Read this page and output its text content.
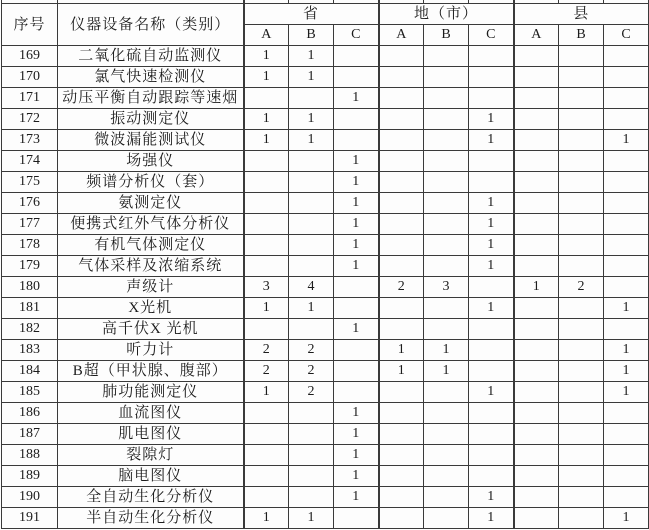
序号	仪器设备名称（类别）	省			地（市）			县		
		A	B	C	A	B	C	A	B	C
169	二氧化硫自动监测仪	1	1							
170	氯气快速检测仪	1	1							
171	动压平衡自动跟踪等速烟			1						
172	振动测定仪	1	1				1			
173	微波漏能测试仪	1	1				1			1
174	场强仪			1						
175	频谱分析仪（套）			1						
176	氨测定仪			1			1			
177	便携式红外气体分析仪			1			1			
178	有机气体测定仪			1			1			
179	气体采样及浓缩系统			1			1			
180	声级计	3	4		2	3		1	2	
181	X光机	1	1				1			1
182	高千伏X 光机			1						
183	听力计	2	2		1	1				1
184	B超（甲状腺、腹部）	2	2		1	1				1
185	肺功能测定仪	1	2				1			1
186	血流图仪			1						
187	肌电图仪			1						
188	裂隙灯			1						
189	脑电图仪			1						
190	全自动生化分析仪			1			1			
191	半自动生化分析仪	1	1				1			1
